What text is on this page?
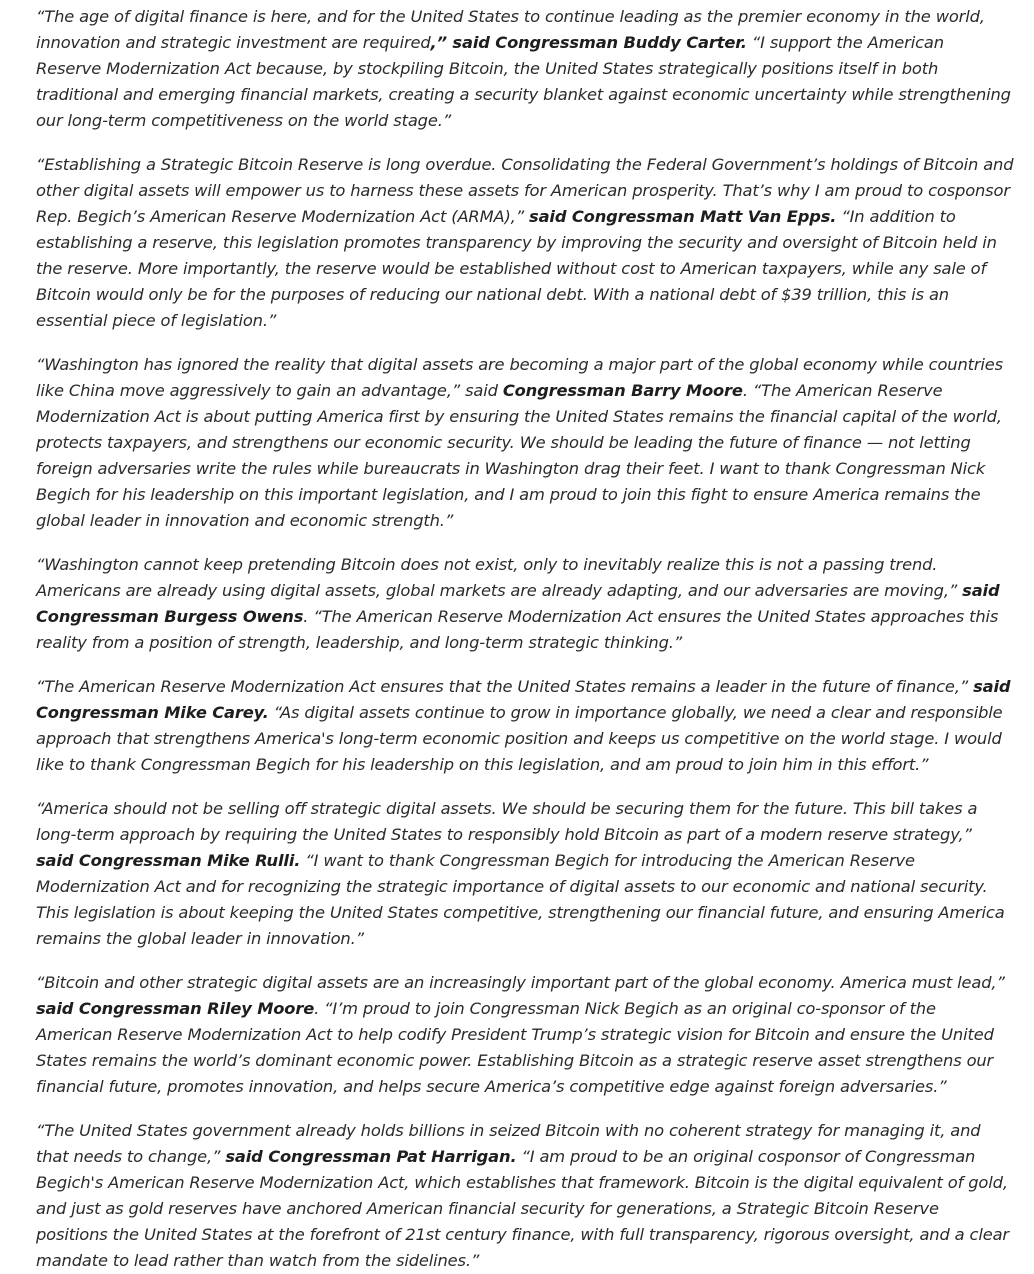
“The age of digital finance is here, and for the United States to continue leading as the premier economy in the world, innovation and strategic investment are required,” said Congressman Buddy Carter. “I support the American Reserve Modernization Act because, by stockpiling Bitcoin, the United States strategically positions itself in both traditional and emerging financial markets, creating a security blanket against economic uncertainty while strengthening our long-term competitiveness on the world stage.”

“Establishing a Strategic Bitcoin Reserve is long overdue. Consolidating the Federal Government’s holdings of Bitcoin and other digital assets will empower us to harness these assets for American prosperity. That’s why I am proud to cosponsor Rep. Begich’s American Reserve Modernization Act (ARMA),” said Congressman Matt Van Epps. “In addition to establishing a reserve, this legislation promotes transparency by improving the security and oversight of Bitcoin held in the reserve. More importantly, the reserve would be established without cost to American taxpayers, while any sale of Bitcoin would only be for the purposes of reducing our national debt. With a national debt of $39 trillion, this is an essential piece of legislation.”

“Washington has ignored the reality that digital assets are becoming a major part of the global economy while countries like China move aggressively to gain an advantage,” said Congressman Barry Moore. “The American Reserve Modernization Act is about putting America first by ensuring the United States remains the financial capital of the world, protects taxpayers, and strengthens our economic security. We should be leading the future of finance — not letting foreign adversaries write the rules while bureaucrats in Washington drag their feet. I want to thank Congressman Nick Begich for his leadership on this important legislation, and I am proud to join this fight to ensure America remains the global leader in innovation and economic strength.”

“Washington cannot keep pretending Bitcoin does not exist, only to inevitably realize this is not a passing trend. Americans are already using digital assets, global markets are already adapting, and our adversaries are moving,” said Congressman Burgess Owens. “The American Reserve Modernization Act ensures the United States approaches this reality from a position of strength, leadership, and long-term strategic thinking.”

“The American Reserve Modernization Act ensures that the United States remains a leader in the future of finance,” said Congressman Mike Carey. “As digital assets continue to grow in importance globally, we need a clear and responsible approach that strengthens America's long-term economic position and keeps us competitive on the world stage. I would like to thank Congressman Begich for his leadership on this legislation, and am proud to join him in this effort.”

“America should not be selling off strategic digital assets. We should be securing them for the future. This bill takes a long-term approach by requiring the United States to responsibly hold Bitcoin as part of a modern reserve strategy,” said Congressman Mike Rulli. “I want to thank Congressman Begich for introducing the American Reserve Modernization Act and for recognizing the strategic importance of digital assets to our economic and national security. This legislation is about keeping the United States competitive, strengthening our financial future, and ensuring America remains the global leader in innovation.”

“Bitcoin and other strategic digital assets are an increasingly important part of the global economy. America must lead,” said Congressman Riley Moore. “I’m proud to join Congressman Nick Begich as an original co-sponsor of the American Reserve Modernization Act to help codify President Trump’s strategic vision for Bitcoin and ensure the United States remains the world’s dominant economic power. Establishing Bitcoin as a strategic reserve asset strengthens our financial future, promotes innovation, and helps secure America’s competitive edge against foreign adversaries.”

“The United States government already holds billions in seized Bitcoin with no coherent strategy for managing it, and that needs to change,” said Congressman Pat Harrigan. “I am proud to be an original cosponsor of Congressman Begich's American Reserve Modernization Act, which establishes that framework. Bitcoin is the digital equivalent of gold, and just as gold reserves have anchored American financial security for generations, a Strategic Bitcoin Reserve positions the United States at the forefront of 21st century finance, with full transparency, rigorous oversight, and a clear mandate to lead rather than watch from the sidelines.”
